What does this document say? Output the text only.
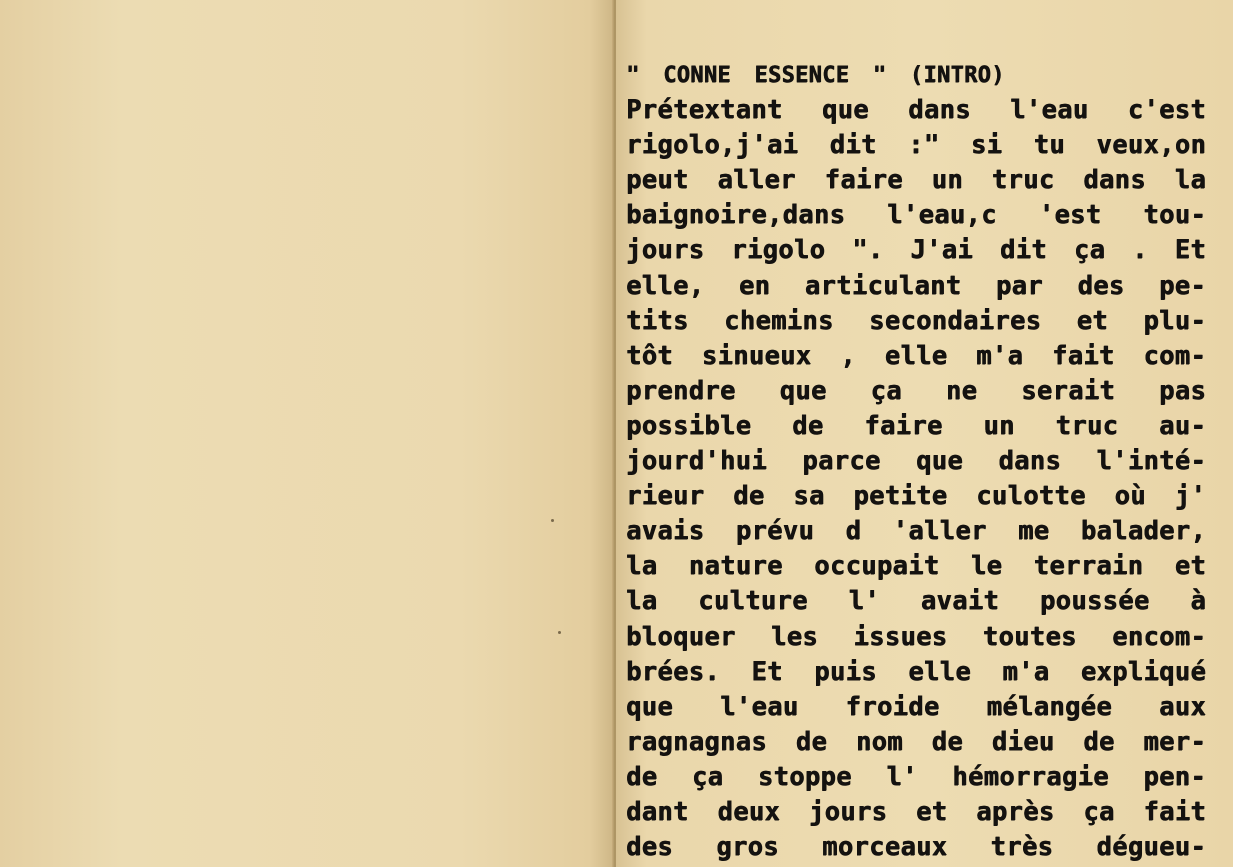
" CONNE ESSENCE " (INTRO)
Prétextant que dans l'eau c'est
rigolo,j'ai dit :" si tu veux,on
peut aller faire un truc dans la
baignoire,dans l'eau,c 'est tou-
jours rigolo ". J'ai dit ça . Et
elle, en articulant par des pe-
tits chemins secondaires et plu-
tôt sinueux , elle m'a fait com-
prendre que ça ne serait pas
possible de faire un truc au-
jourd'hui parce que dans l'inté-
rieur de sa petite culotte où j'
avais prévu d 'aller me balader,
la nature occupait le terrain et
la culture l' avait poussée à
bloquer les issues toutes encom-
brées. Et puis elle m'a expliqué
que l'eau froide mélangée aux
ragnagnas de nom de dieu de mer-
de ça stoppe l' hémorragie pen-
dant deux jours et après ça fait
des gros morceaux très dégueu-
